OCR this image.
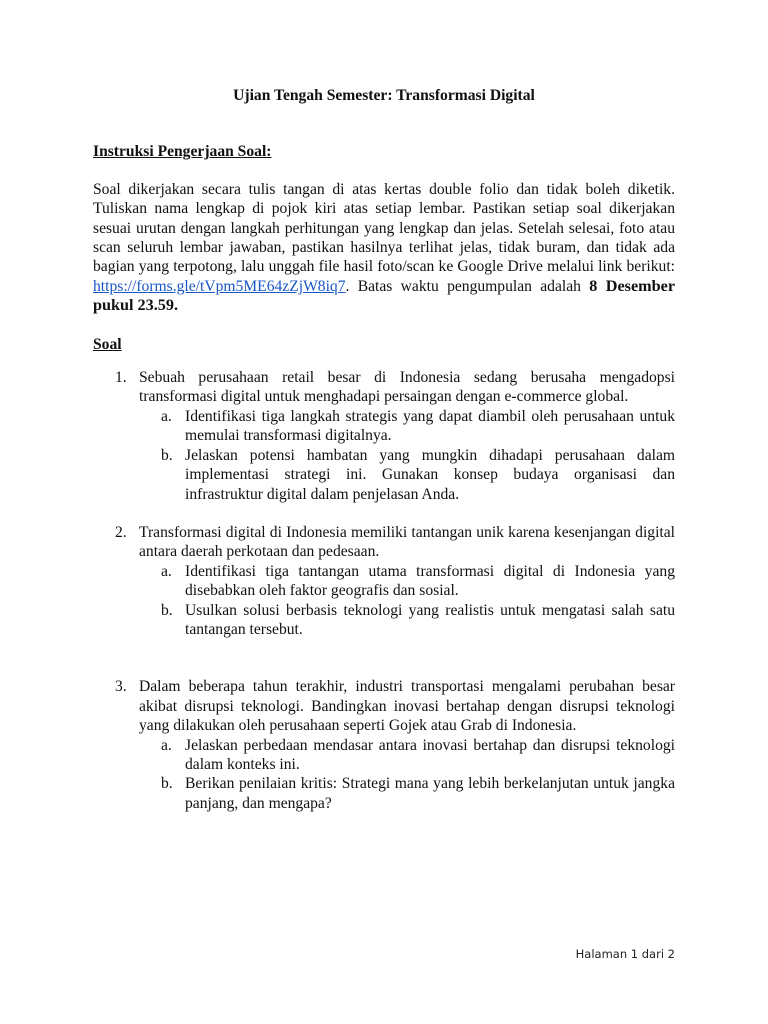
Ujian Tengah Semester: Transformasi Digital
Instruksi Pengerjaan Soal:
Soal dikerjakan secara tulis tangan di atas kertas double folio dan tidak boleh diketik. Tuliskan nama lengkap di pojok kiri atas setiap lembar. Pastikan setiap soal dikerjakan sesuai urutan dengan langkah perhitungan yang lengkap dan jelas. Setelah selesai, foto atau scan seluruh lembar jawaban, pastikan hasilnya terlihat jelas, tidak buram, dan tidak ada bagian yang terpotong, lalu unggah file hasil foto/scan ke Google Drive melalui link berikut: https://forms.gle/tVpm5ME64zZjW8iq7. Batas waktu pengumpulan adalah 8 Desember pukul 23.59.
Soal
1. Sebuah perusahaan retail besar di Indonesia sedang berusaha mengadopsi transformasi digital untuk menghadapi persaingan dengan e-commerce global.
a. Identifikasi tiga langkah strategis yang dapat diambil oleh perusahaan untuk memulai transformasi digitalnya.
b. Jelaskan potensi hambatan yang mungkin dihadapi perusahaan dalam implementasi strategi ini. Gunakan konsep budaya organisasi dan infrastruktur digital dalam penjelasan Anda.
2. Transformasi digital di Indonesia memiliki tantangan unik karena kesenjangan digital antara daerah perkotaan dan pedesaan.
a. Identifikasi tiga tantangan utama transformasi digital di Indonesia yang disebabkan oleh faktor geografis dan sosial.
b. Usulkan solusi berbasis teknologi yang realistis untuk mengatasi salah satu tantangan tersebut.
3. Dalam beberapa tahun terakhir, industri transportasi mengalami perubahan besar akibat disrupsi teknologi. Bandingkan inovasi bertahap dengan disrupsi teknologi yang dilakukan oleh perusahaan seperti Gojek atau Grab di Indonesia.
a. Jelaskan perbedaan mendasar antara inovasi bertahap dan disrupsi teknologi dalam konteks ini.
b. Berikan penilaian kritis: Strategi mana yang lebih berkelanjutan untuk jangka panjang, dan mengapa?
Halaman 1 dari 2
